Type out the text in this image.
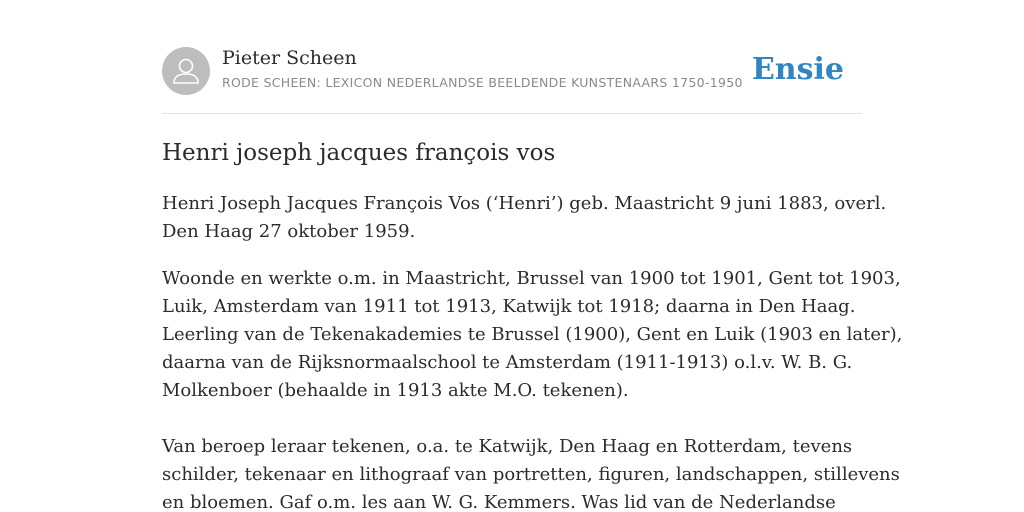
Pieter Scheen
RODE SCHEEN: LEXICON NEDERLANDSE BEELDENDE KUNSTENAARS 1750-1950 Ensie
Henri joseph jacques françois vos

Henri Joseph Jacques François Vos (‘Henri’) geb. Maastricht 9 juni 1883, overl.
Den Haag 27 oktober 1959.

Woonde en werkte o.m. in Maastricht, Brussel van 1900 tot 1901, Gent tot 1903,
Luik, Amsterdam van 1911 tot 1913, Katwijk tot 1918; daarna in Den Haag.
Leerling van de Tekenakademies te Brussel (1900), Gent en Luik (1903 en later),
daarna van de Rijksnormaalschool te Amsterdam (1911-1913) o.l.v. W. B. G.
Molkenboer (behaalde in 1913 akte M.O. tekenen).

Van beroep leraar tekenen, o.a. te Katwijk, Den Haag en Rotterdam, tevens
schilder, tekenaar en lithograaf van portretten, figuren, landschappen, stillevens
en bloemen. Gaf o.m. les aan W. G. Kemmers. Was lid van de Nederlandse
